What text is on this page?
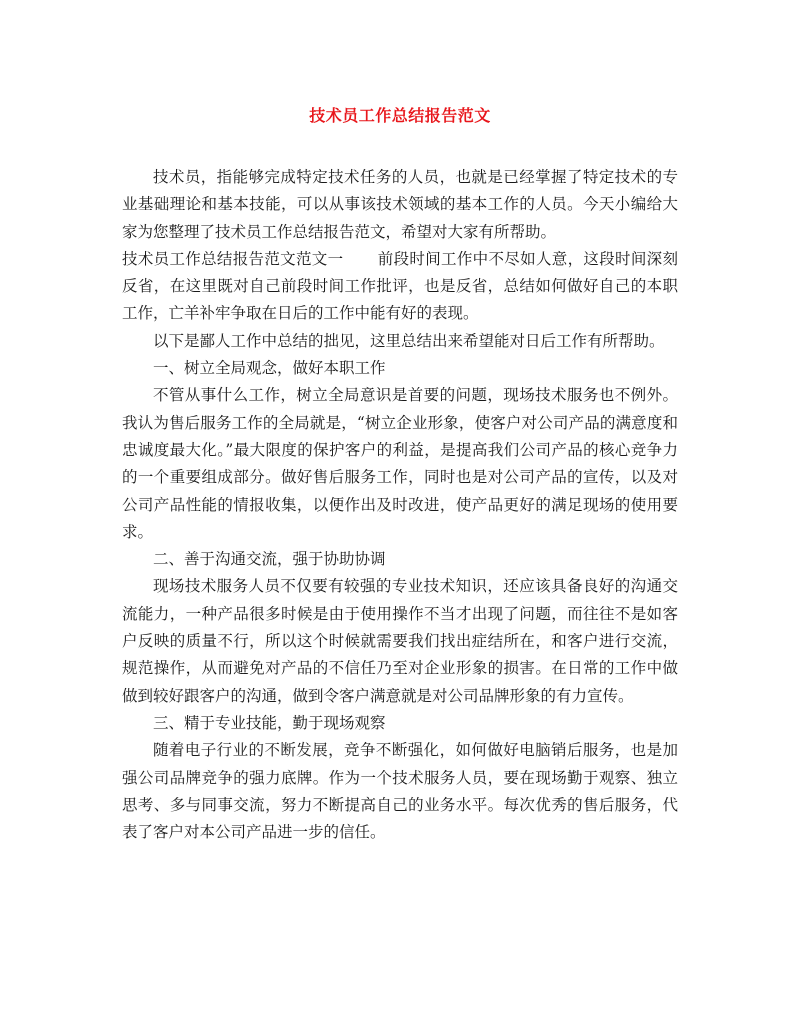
技术员工作总结报告范文

技术员，指能够完成特定技术任务的人员，也就是已经掌握了特定技术的专业基础理论和基本技能，可以从事该技术领域的基本工作的人员。今天小编给大家为您整理了技术员工作总结报告范文，希望对大家有所帮助。

技术员工作总结报告范文范文一 前段时间工作中不尽如人意，这段时间深刻反省，在这里既对自己前段时间工作批评，也是反省，总结如何做好自己的本职工作，亡羊补牢争取在日后的工作中能有好的表现。

以下是鄙人工作中总结的拙见，这里总结出来希望能对日后工作有所帮助。

一、树立全局观念，做好本职工作

不管从事什么工作，树立全局意识是首要的问题，现场技术服务也不例外。我认为售后服务工作的全局就是，“树立企业形象，使客户对公司产品的满意度和忠诚度最大化。”最大限度的保护客户的利益，是提高我们公司产品的核心竞争力的一个重要组成部分。做好售后服务工作，同时也是对公司产品的宣传，以及对公司产品性能的情报收集，以便作出及时改进，使产品更好的满足现场的使用要求。

二、善于沟通交流，强于协助协调

现场技术服务人员不仅要有较强的专业技术知识，还应该具备良好的沟通交流能力，一种产品很多时候是由于使用操作不当才出现了问题，而往往不是如客户反映的质量不行，所以这个时候就需要我们找出症结所在，和客户进行交流，规范操作，从而避免对产品的不信任乃至对企业形象的损害。在日常的工作中做做到较好跟客户的沟通，做到令客户满意就是对公司品牌形象的有力宣传。

三、精于专业技能，勤于现场观察

随着电子行业的不断发展，竞争不断强化，如何做好电脑销后服务，也是加强公司品牌竞争的强力底牌。作为一个技术服务人员，要在现场勤于观察、独立思考、多与同事交流，努力不断提高自己的业务水平。每次优秀的售后服务，代表了客户对本公司产品进一步的信任。
